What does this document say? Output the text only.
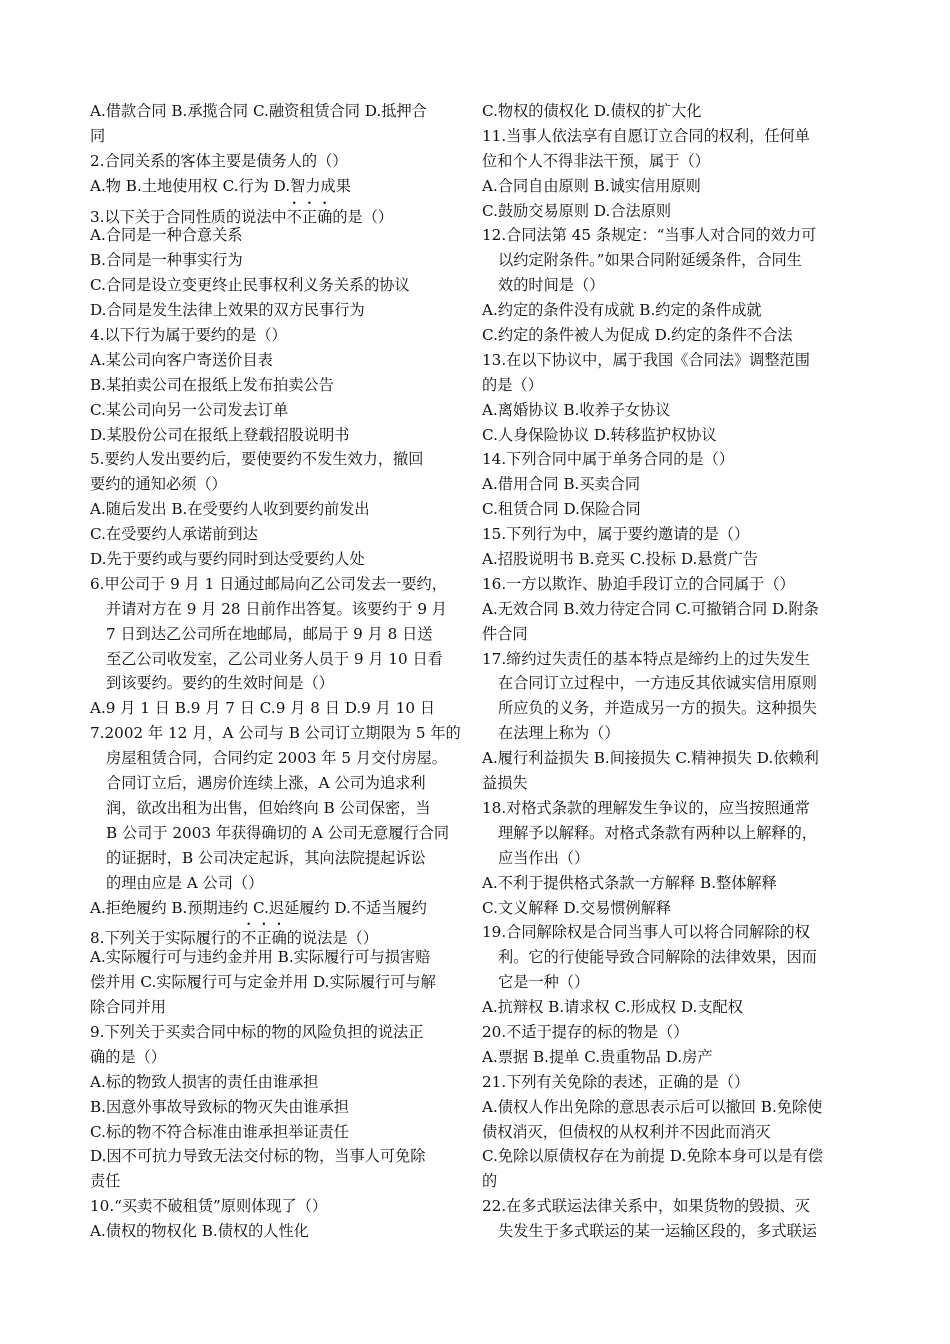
A.借款合同 B.承揽合同 C.融资租赁合同 D.抵押合
同
2.合同关系的客体主要是债务人的（）
A.物 B.土地使用权 C.行为 D.智力成果
3.以下关于合同性质的说法中不正确的是（）
A.合同是一种合意关系
B.合同是一种事实行为
C.合同是设立变更终止民事权利义务关系的协议
D.合同是发生法律上效果的双方民事行为
4.以下行为属于要约的是（）
A.某公司向客户寄送价目表
B.某拍卖公司在报纸上发布拍卖公告
C.某公司向另一公司发去订单
D.某股份公司在报纸上登载招股说明书
5.要约人发出要约后，要使要约不发生效力，撤回
要约的通知必须（）
A.随后发出 B.在受要约人收到要约前发出
C.在受要约人承诺前到达
D.先于要约或与要约同时到达受要约人处
6.甲公司于 9 月 1 日通过邮局向乙公司发去一要约，
并请对方在 9 月 28 日前作出答复。该要约于 9 月
7 日到达乙公司所在地邮局，邮局于 9 月 8 日送
至乙公司收发室，乙公司业务人员于 9 月 10 日看
到该要约。要约的生效时间是（）
A.9 月 1 日 B.9 月 7 日 C.9 月 8 日 D.9 月 10 日
7.2002 年 12 月，A 公司与 B 公司订立期限为 5 年的
房屋租赁合同，合同约定 2003 年 5 月交付房屋。
合同订立后，遇房价连续上涨，A 公司为追求利
润，欲改出租为出售，但始终向 B 公司保密，当
B 公司于 2003 年获得确切的 A 公司无意履行合同
的证据时，B 公司决定起诉，其向法院提起诉讼
的理由应是 A 公司（）
A.拒绝履约 B.预期违约 C.迟延履约 D.不适当履约
8.下列关于实际履行的不正确的说法是（）
A.实际履行可与违约金并用 B.实际履行可与损害赔
偿并用 C.实际履行可与定金并用 D.实际履行可与解
除合同并用
9.下列关于买卖合同中标的物的风险负担的说法正
确的是（）
A.标的物致人损害的责任由谁承担
B.因意外事故导致标的物灭失由谁承担
C.标的物不符合标准由谁承担举证责任
D.因不可抗力导致无法交付标的物，当事人可免除
责任
10.“买卖不破租赁”原则体现了（）
A.债权的物权化 B.债权的人性化
C.物权的债权化 D.债权的扩大化
11.当事人依法享有自愿订立合同的权利，任何单
位和个人不得非法干预，属于（）
A.合同自由原则 B.诚实信用原则
C.鼓励交易原则 D.合法原则
12.合同法第 45 条规定：“当事人对合同的效力可
以约定附条件。”如果合同附延缓条件，合同生
效的时间是（）
A.约定的条件没有成就 B.约定的条件成就
C.约定的条件被人为促成 D.约定的条件不合法
13.在以下协议中，属于我国《合同法》调整范围
的是（）
A.离婚协议 B.收养子女协议
C.人身保险协议 D.转移监护权协议
14.下列合同中属于单务合同的是（）
A.借用合同 B.买卖合同
C.租赁合同 D.保险合同
15.下列行为中，属于要约邀请的是（）
A.招股说明书 B.竞买 C.投标 D.悬赏广告
16.一方以欺诈、胁迫手段订立的合同属于（）
A.无效合同 B.效力待定合同 C.可撤销合同 D.附条
件合同
17.缔约过失责任的基本特点是缔约上的过失发生
在合同订立过程中，一方违反其依诚实信用原则
所应负的义务，并造成另一方的损失。这种损失
在法理上称为（）
A.履行利益损失 B.间接损失 C.精神损失 D.依赖利
益损失
18.对格式条款的理解发生争议的，应当按照通常
理解予以解释。对格式条款有两种以上解释的，
应当作出（）
A.不利于提供格式条款一方解释 B.整体解释
C.文义解释 D.交易惯例解释
19.合同解除权是合同当事人可以将合同解除的权
利。它的行使能导致合同解除的法律效果，因而
它是一种（）
A.抗辩权 B.请求权 C.形成权 D.支配权
20.不适于提存的标的物是（）
A.票据 B.提单 C.贵重物品 D.房产
21.下列有关免除的表述，正确的是（）
A.债权人作出免除的意思表示后可以撤回 B.免除使
债权消灭，但债权的从权利并不因此而消灭
C.免除以原债权存在为前提 D.免除本身可以是有偿
的
22.在多式联运法律关系中，如果货物的毁损、灭
失发生于多式联运的某一运输区段的，多式联运
